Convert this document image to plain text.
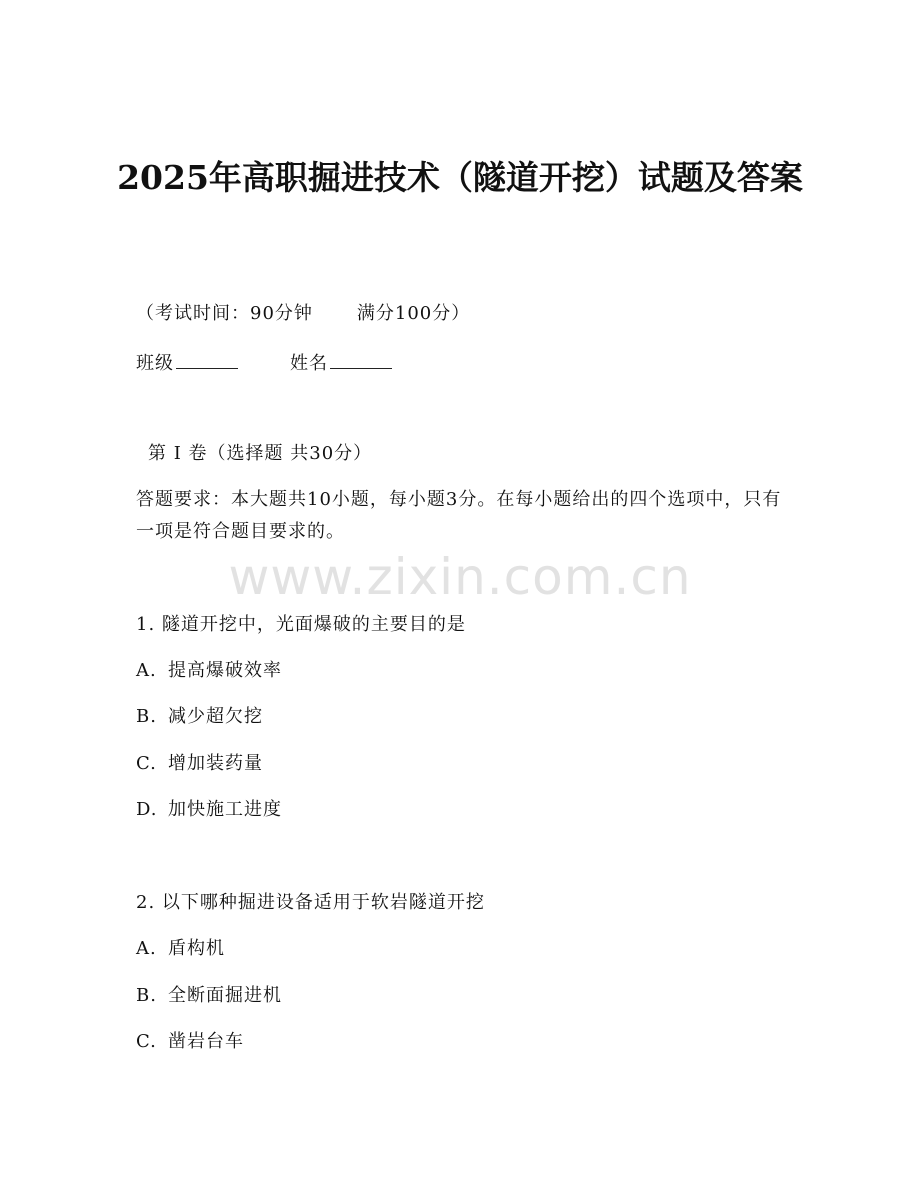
2025年高职掘进技术（隧道开挖）试题及答案
（考试时间：90分钟 满分100分）
班级	姓名
第 I 卷（选择题 共30分）
答题要求：本大题共10小题，每小题3分。在每小题给出的四个选项中，只有一项是符合题目要求的。
www.zixin.com.cn
1. 隧道开挖中，光面爆破的主要目的是
A. 提高爆破效率
B. 减少超欠挖
C. 增加装药量
D. 加快施工进度
2. 以下哪种掘进设备适用于软岩隧道开挖
A. 盾构机
B. 全断面掘进机
C. 凿岩台车
